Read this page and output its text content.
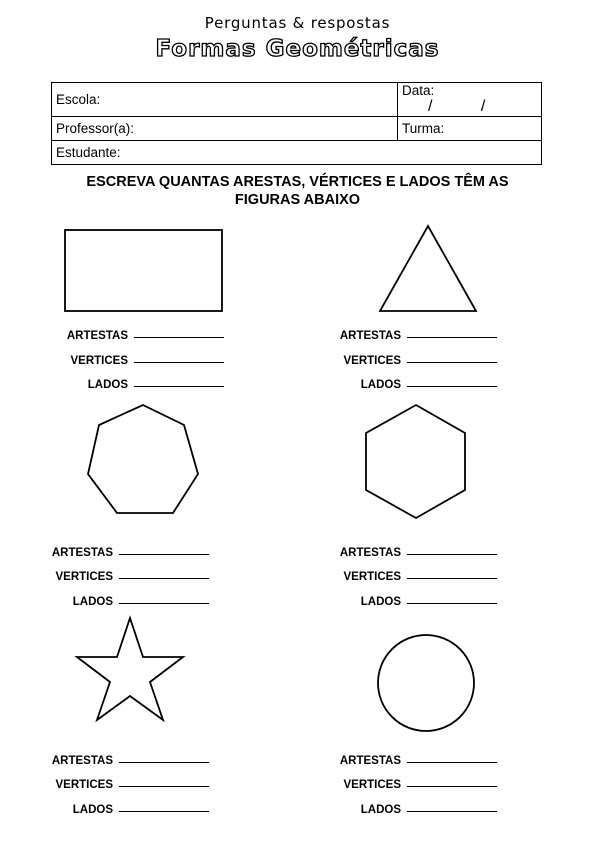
Perguntas & respostas
Formas Geométricas
Escola:	Data:/ /
Professor(a):	Turma:
Estudante:	
ESCREVA QUANTAS ARESTAS, VÉRTICES E LADOS TÊM AS
FIGURAS ABAIXO
ARTESTAS
VERTICES
LADOS
ARTESTAS
VERTICES
LADOS
ARTESTAS
VERTICES
LADOS
ARTESTAS
VERTICES
LADOS
ARTESTAS
VERTICES
LADOS
ARTESTAS
VERTICES
LADOS
